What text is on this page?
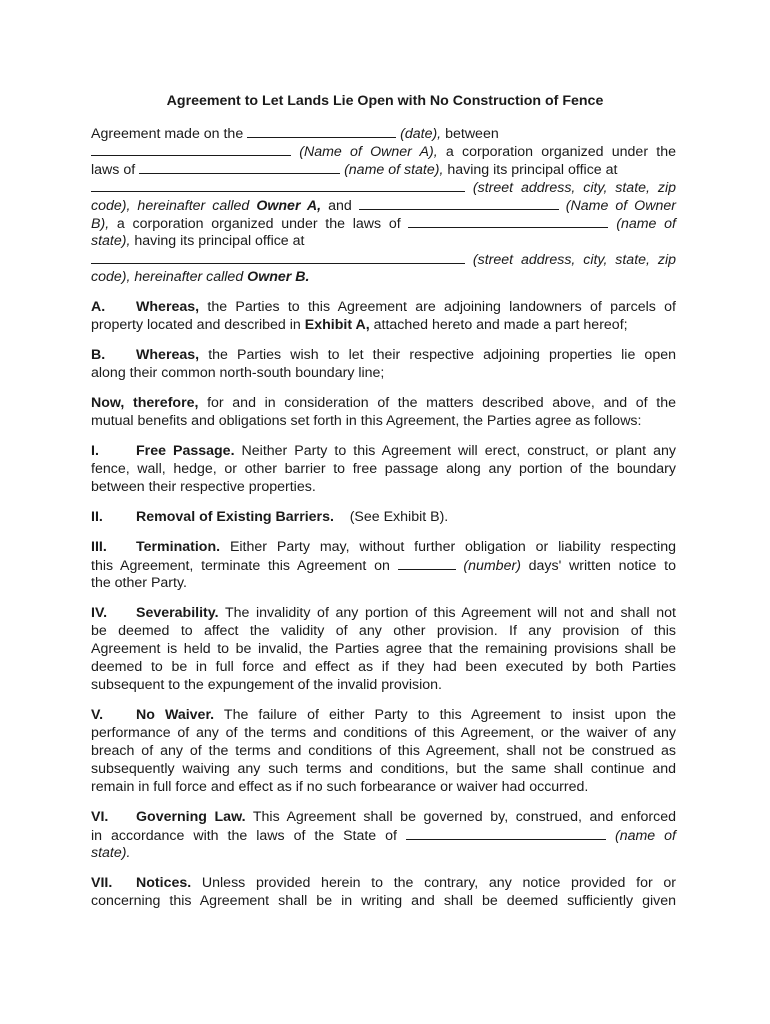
Agreement to Let Lands Lie Open with No Construction of Fence
Agreement made on the	(date), between
(Name of Owner A), a corporation organized under the
laws of	(name of state), having its principal office at
(street address, city, state, zip
code), hereinafter called Owner A, and	(Name of Owner
B), a corporation organized under the laws of	(name of
state), having its principal office at
(street address, city, state, zip
code), hereinafter called Owner B.
A. Whereas, the Parties to this Agreement are adjoining landowners of parcels of
property located and described in Exhibit A, attached hereto and made a part hereof;
B. Whereas, the Parties wish to let their respective adjoining properties lie open
along their common north-south boundary line;
Now, therefore, for and in consideration of the matters described above, and of the
mutual benefits and obligations set forth in this Agreement, the Parties agree as follows:
I.	Free Passage. Neither Party to this Agreement will erect, construct, or plant any
fence, wall, hedge, or other barrier to free passage along any portion of the boundary
between their respective properties.
II. Removal of Existing Barriers. (See Exhibit B).
III. Termination. Either Party may, without further obligation or liability respecting
this Agreement, terminate this Agreement on	(number) days' written notice to
the other Party.
IV. Severability. The invalidity of any portion of this Agreement will not and shall not
be deemed to affect the validity of any other provision. If any provision of this
Agreement is held to be invalid, the Parties agree that the remaining provisions shall be
deemed to be in full force and effect as if they had been executed by both Parties
subsequent to the expungement of the invalid provision.
V. No Waiver. The failure of either Party to this Agreement to insist upon the
performance of any of the terms and conditions of this Agreement, or the waiver of any
breach of any of the terms and conditions of this Agreement, shall not be construed as
subsequently waiving any such terms and conditions, but the same shall continue and
remain in full force and effect as if no such forbearance or waiver had occurred.
VI. Governing Law. This Agreement shall be governed by, construed, and enforced
in accordance with the laws of the State of	(name of
state).
VII. Notices. Unless provided herein to the contrary, any notice provided for or
concerning this Agreement shall be in writing and shall be deemed sufficiently given
